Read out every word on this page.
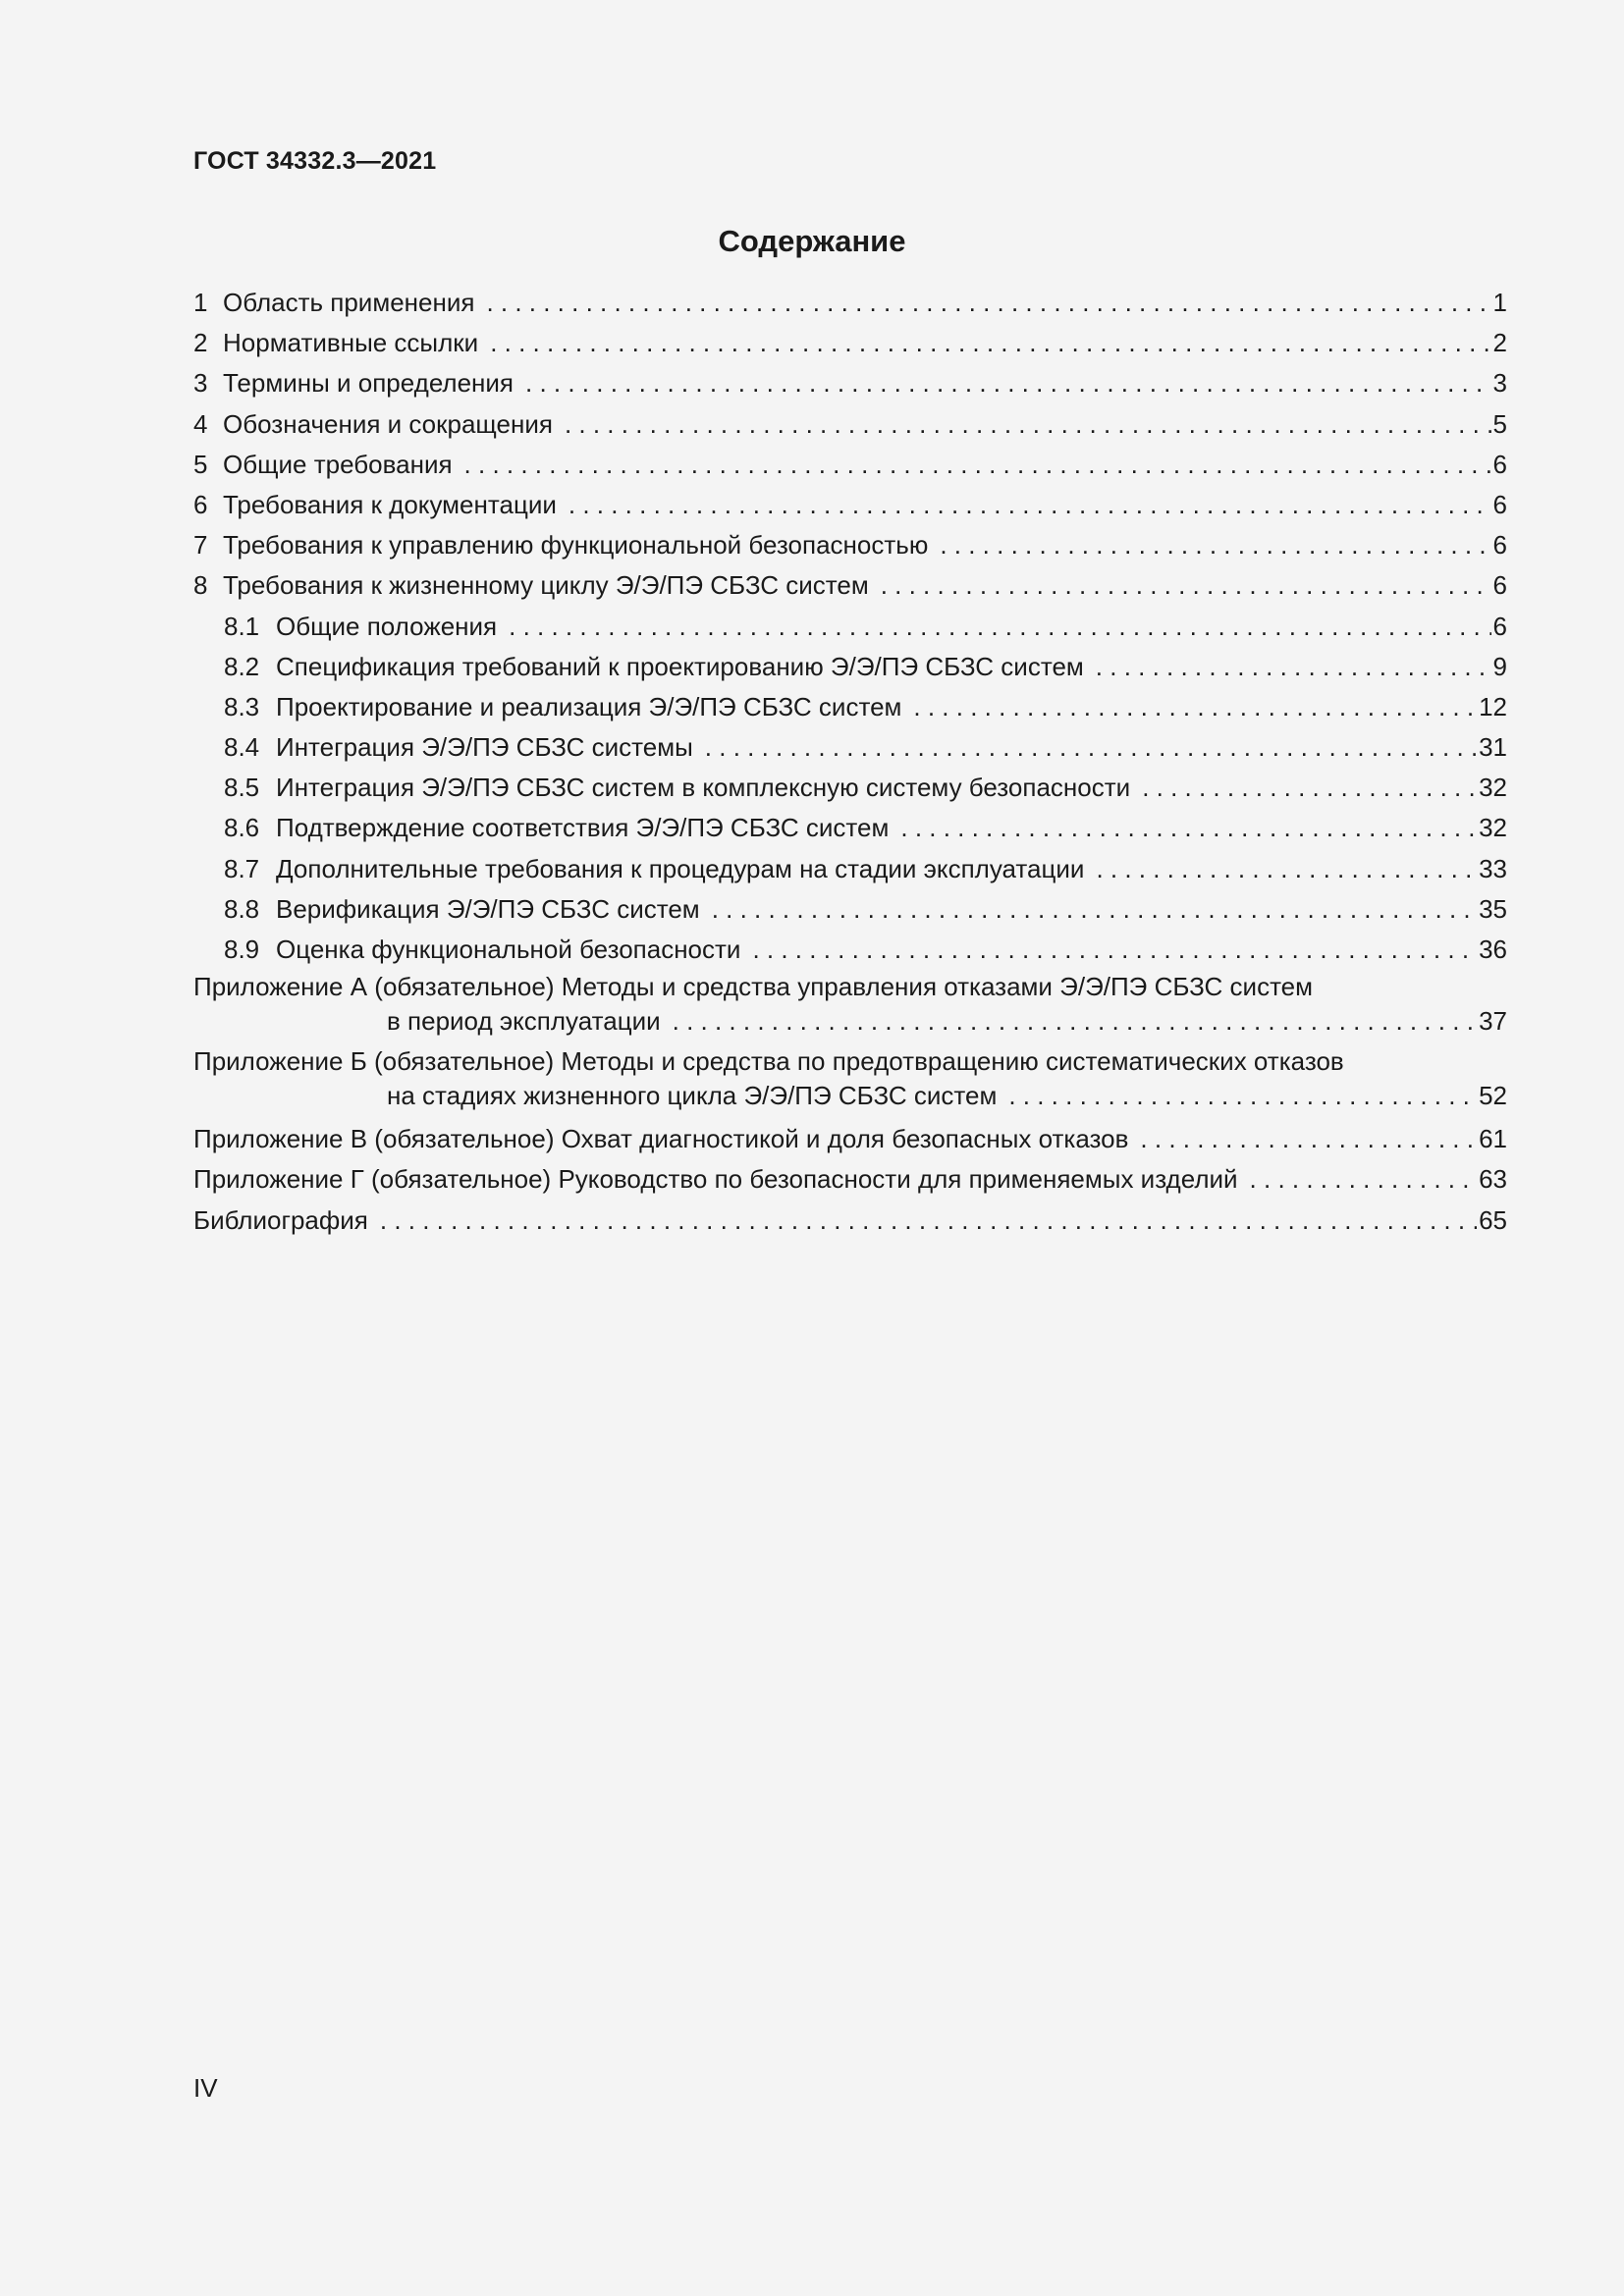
ГОСТ 34332.3—2021
Содержание
1 Область применения . . .	1
2 Нормативные ссылки . . .	2
3 Термины и определения . . .	3
4 Обозначения и сокращения . . .	5
5 Общие требования . . .	6
6 Требования к документации . . .	6
7 Требования к управлению функциональной безопасностью . . .	6
8 Требования к жизненному циклу Э/Э/ПЭ СБЗС систем . . .	6
8.1 Общие положения . . .	6
8.2 Спецификация требований к проектированию Э/Э/ПЭ СБЗС систем . . .	9
8.3 Проектирование и реализация Э/Э/ПЭ СБЗС систем . . .	12
8.4 Интеграция Э/Э/ПЭ СБЗС системы . . .	31
8.5 Интеграция Э/Э/ПЭ СБЗС систем в комплексную систему безопасности . . .	32
8.6 Подтверждение соответствия Э/Э/ПЭ СБЗС систем . . .	32
8.7 Дополнительные требования к процедурам на стадии эксплуатации . . .	33
8.8 Верификация Э/Э/ПЭ СБЗС систем . . .	35
8.9 Оценка функциональной безопасности . . .	36
Приложение А (обязательное) Методы и средства управления отказами Э/Э/ПЭ СБЗС систем
в период эксплуатации . . .	37
Приложение Б (обязательное) Методы и средства по предотвращению систематических отказов
на стадиях жизненного цикла Э/Э/ПЭ СБЗС систем . . .	52
Приложение В (обязательное) Охват диагностикой и доля безопасных отказов . . .	61
Приложение Г (обязательное) Руководство по безопасности для применяемых изделий . . .	63
Библиография . . .	65
IV
